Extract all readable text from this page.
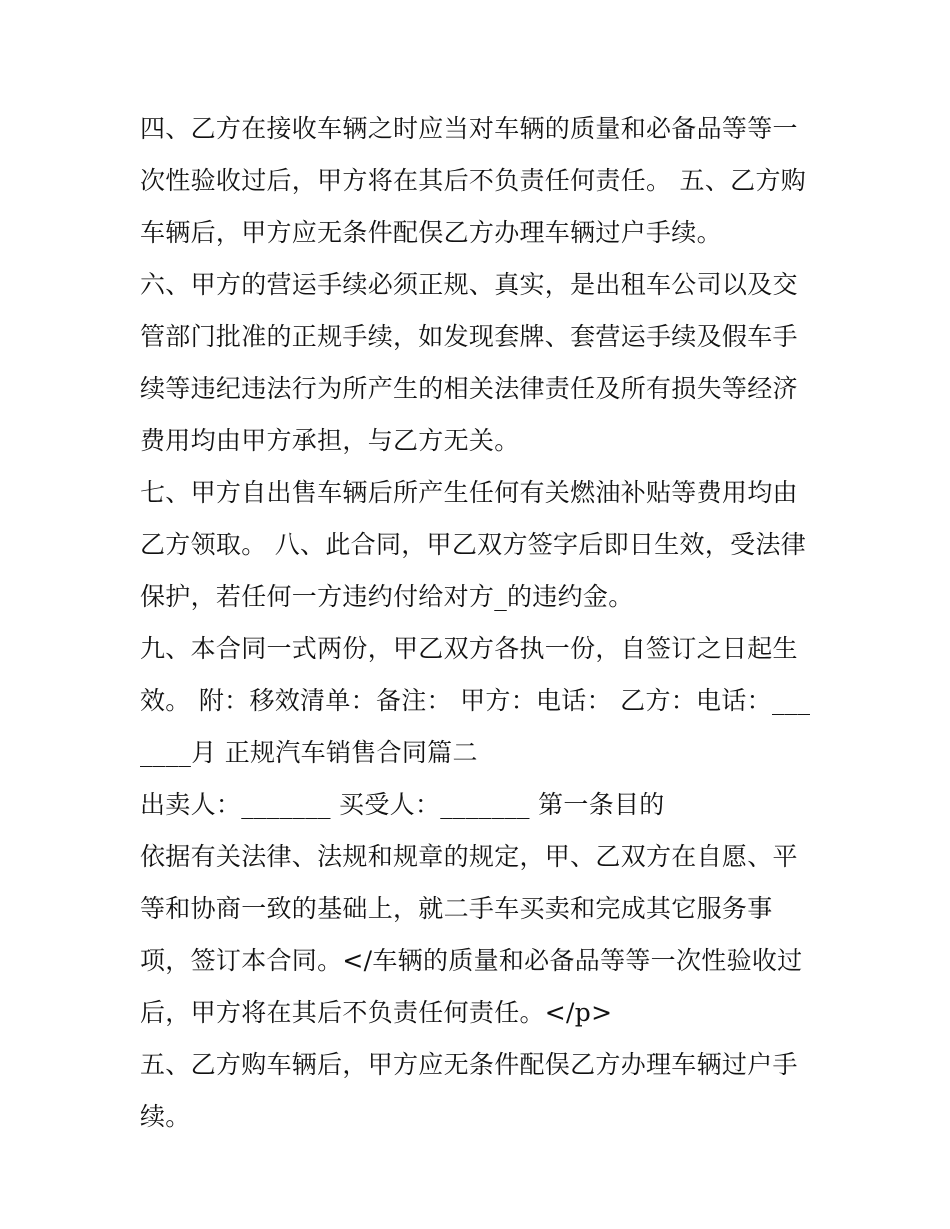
四、乙方在接收车辆之时应当对车辆的质量和必备品等等一次性验收过后，甲方将在其后不负责任何责任。 五、乙方购车辆后，甲方应无条件配俣乙方办理车辆过户手续。

六、甲方的营运手续必须正规、真实，是出租车公司以及交管部门批准的正规手续，如发现套牌、套营运手续及假车手续等违纪违法行为所产生的相关法律责任及所有损失等经济费用均由甲方承担，与乙方无关。

七、甲方自出售车辆后所产生任何有关燃油补贴等费用均由乙方领取。 八、此合同，甲乙双方签字后即日生效，受法律保护，若任何一方违约付给对方_的违约金。

九、本合同一式两份，甲乙双方各执一份，自签订之日起生效。 附：移效清单：备注： 甲方：电话： 乙方：电话：_______月 正规汽车销售合同篇二

出卖人：_______ 买受人：_______ 第一条目的

依据有关法律、法规和规章的规定，甲、乙双方在自愿、平等和协商一致的基础上，就二手车买卖和完成其它服务事项，签订本合同。</车辆的质量和必备品等等一次性验收过后，甲方将在其后不负责任何责任。</p>

五、乙方购车辆后，甲方应无条件配俣乙方办理车辆过户手续。
